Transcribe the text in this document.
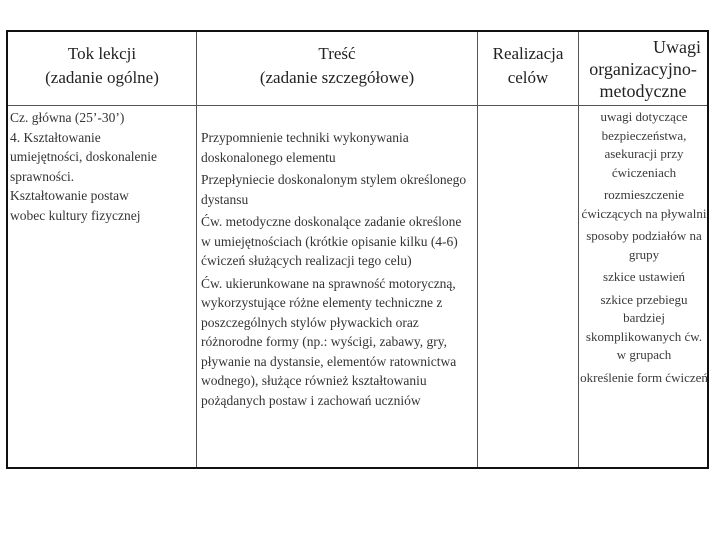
Tok lekcji
(zadanie ogólne)
Treść
(zadanie szczegółowe)
Realizacja
celów
Uwagi
organizacyjno-
metodyczne

Cz. główna (25’-30’)

4. Kształtowanie

umiejętności, doskonalenie

sprawności.

Kształtowanie postaw

wobec kultury fizycznej

Przypomnienie techniki wykonywania doskonalonego elementu

Przepłyniecie doskonalonym stylem określonego dystansu

Ćw. metodyczne doskonalące zadanie określone w umiejętnościach (krótkie opisanie kilku (4-6) ćwiczeń służących realizacji tego celu)

Ćw. ukierunkowane na sprawność motoryczną, wykorzystujące różne elementy techniczne z poszczególnych stylów pływackich oraz różnorodne formy (np.: wyścigi, zabawy, gry, pływanie na dystansie, elementów ratownictwa wodnego), służące również kształtowaniu pożądanych postaw i zachowań uczniów

uwagi dotyczące bezpieczeństwa, asekuracji przy ćwiczeniach

rozmieszczenie ćwiczących na pływalni

sposoby podziałów na grupy

szkice ustawień

szkice przebiegu bardziej skomplikowanych ćw. w grupach

określenie form ćwiczeń
